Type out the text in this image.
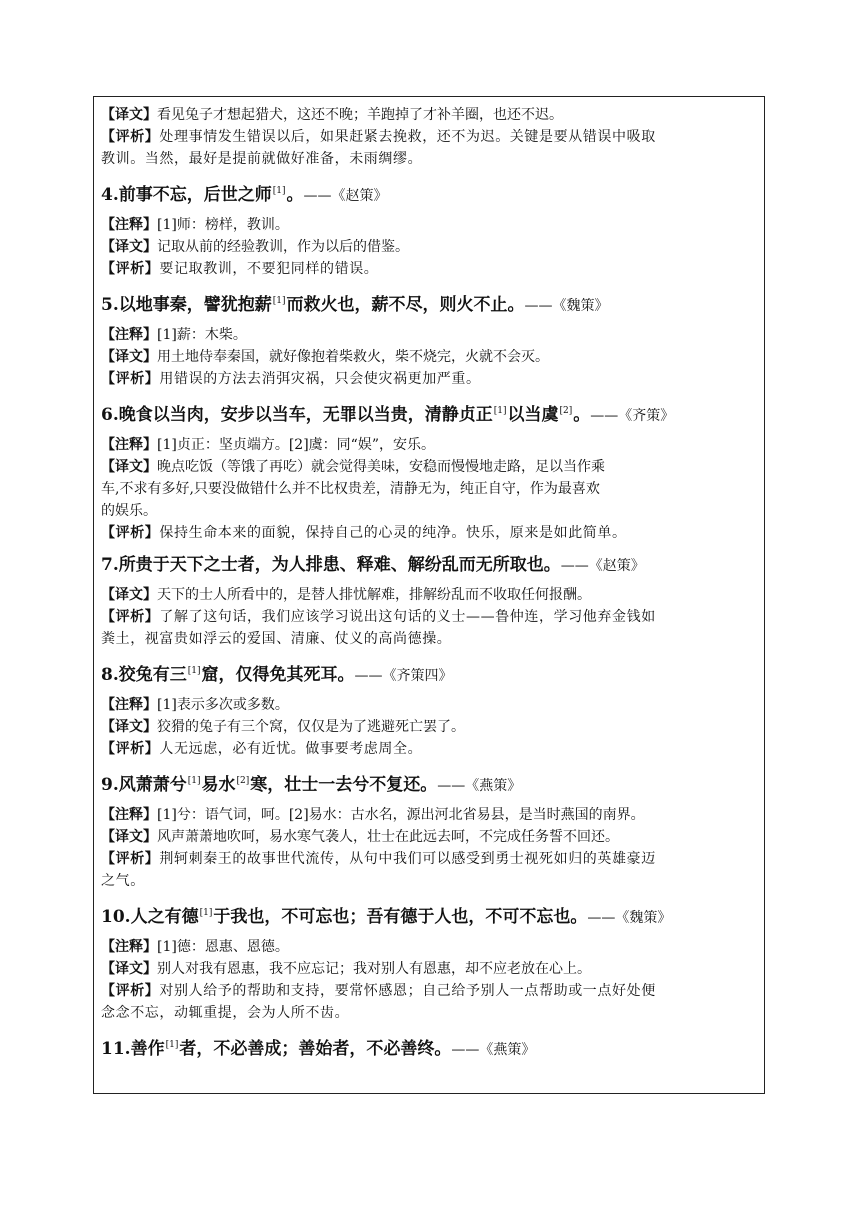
【译文】看见兔子才想起猎犬，这还不晚；羊跑掉了才补羊圈，也还不迟。
【评析】处理事情发生错误以后，如果赶紧去挽救，还不为迟。关键是要从错误中吸取
教训。当然，最好是提前就做好准备，未雨绸缪。
4.前事不忘，后世之师[1]。——《赵策》
【注释】[1]师：榜样，教训。
【译文】记取从前的经验教训，作为以后的借鉴。
【评析】要记取教训，不要犯同样的错误。
5.以地事秦，譬犹抱薪[1]而救火也，薪不尽，则火不止。——《魏策》
【注释】[1]薪：木柴。
【译文】用土地侍奉秦国，就好像抱着柴救火，柴不烧完，火就不会灭。
【评析】用错误的方法去消弭灾祸，只会使灾祸更加严重。
6.晚食以当肉，安步以当车，无罪以当贵，清静贞正[1]以当虞[2]。——《齐策》
【注释】[1]贞正：坚贞端方。[2]虞：同“娱”，安乐。
【译文】晚点吃饭（等饿了再吃）就会觉得美味，安稳而慢慢地走路，足以当作乘
车,不求有多好,只要没做错什么并不比权贵差，清静无为，纯正自守，作为最喜欢
的娱乐。
【评析】保持生命本来的面貌，保持自己的心灵的纯净。快乐，原来是如此简单。
7.所贵于天下之士者，为人排患、释难、解纷乱而无所取也。——《赵策》
【译文】天下的士人所看中的，是替人排忧解难，排解纷乱而不收取任何报酬。
【评析】了解了这句话，我们应该学习说出这句话的义士——鲁仲连，学习他弃金钱如
粪土，视富贵如浮云的爱国、清廉、仗义的高尚德操。
8.狡兔有三[1]窟，仅得免其死耳。——《齐策四》
【注释】[1]表示多次或多数。
【译文】狡猾的兔子有三个窝，仅仅是为了逃避死亡罢了。
【评析】人无远虑，必有近忧。做事要考虑周全。
9.风萧萧兮[1]易水[2]寒，壮士一去兮不复还。——《燕策》
【注释】[1]兮：语气词，呵。[2]易水：古水名，源出河北省易县，是当时燕国的南界。
【译文】风声萧萧地吹呵，易水寒气袭人，壮士在此远去呵，不完成任务誓不回还。
【评析】荆轲刺秦王的故事世代流传，从句中我们可以感受到勇士视死如归的英雄豪迈
之气。
10.人之有德[1]于我也，不可忘也；吾有德于人也，不可不忘也。——《魏策》
【注释】[1]德：恩惠、恩德。
【译文】别人对我有恩惠，我不应忘记；我对别人有恩惠，却不应老放在心上。
【评析】对别人给予的帮助和支持，要常怀感恩；自己给予别人一点帮助或一点好处便
念念不忘，动辄重提，会为人所不齿。
11.善作[1]者，不必善成；善始者，不必善终。——《燕策》
